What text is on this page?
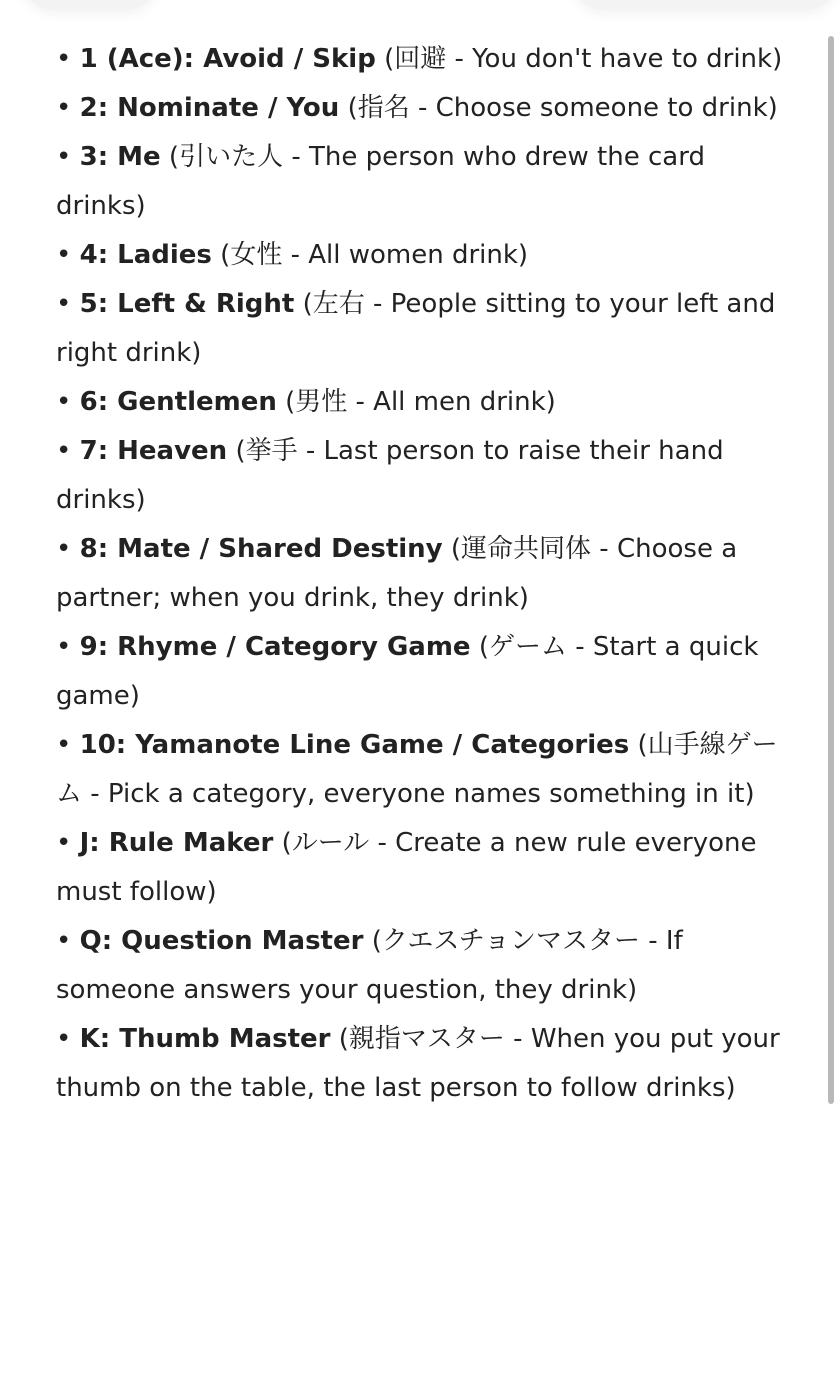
• 1 (Ace): Avoid / Skip (回避 - You don't have to drink)

• 2: Nominate / You (指名 - Choose someone to drink)

• 3: Me (引いた人 - The person who drew the card drinks)

• 4: Ladies (女性 - All women drink)

• 5: Left & Right (左右 - People sitting to your left and right drink)

• 6: Gentlemen (男性 - All men drink)

• 7: Heaven (挙手 - Last person to raise their hand drinks)

• 8: Mate / Shared Destiny (運命共同体 - Choose a partner; when you drink, they drink)

• 9: Rhyme / Category Game (ゲーム - Start a quick game)

• 10: Yamanote Line Game / Categories (山手線ゲーム - Pick a category, everyone names something in it)

• J: Rule Maker (ルール - Create a new rule everyone must follow)

• Q: Question Master (クエスチョンマスター - If someone answers your question, they drink)

• K: Thumb Master (親指マスター - When you put your thumb on the table, the last person to follow drinks)
